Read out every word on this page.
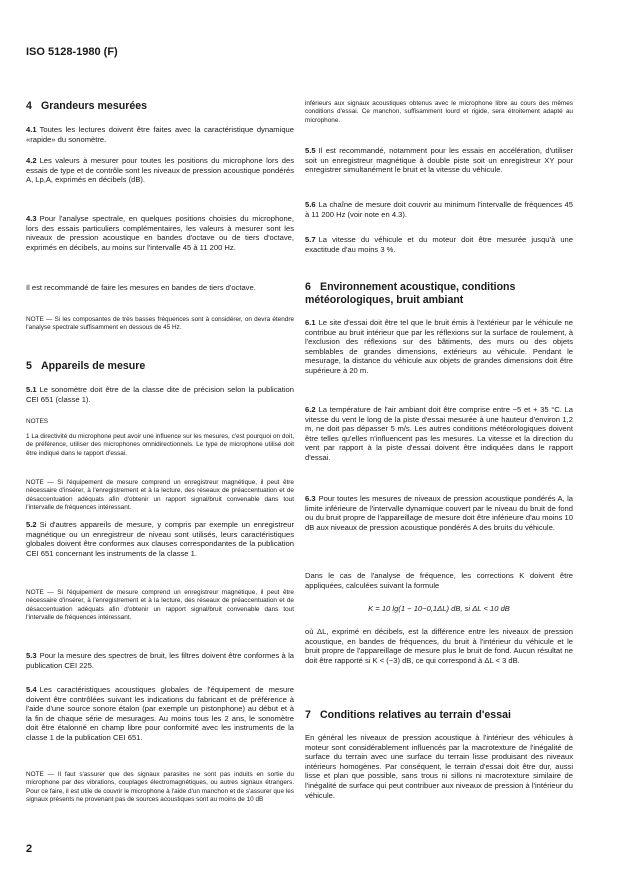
ISO 5128-1980 (F)
4 Grandeurs mesurées

4.1 Toutes les lectures doivent être faites avec la caractéristique dynamique «rapide» du sonomètre.

4.2 Les valeurs à mesurer pour toutes les positions du microphone lors des essais de type et de contrôle sont les niveaux de pression acoustique pondérés A, Lp,A, exprimés en décibels (dB).

4.3 Pour l'analyse spectrale, en quelques positions choisies du microphone, lors des essais particuliers complémentaires, les valeurs à mesurer sont les niveaux de pression acoustique en bandes d'octave ou de tiers d'octave, exprimés en décibels, au moins sur l'intervalle 45 à 11 200 Hz.

Il est recommandé de faire les mesures en bandes de tiers d'octave.

NOTE — Si les composantes de très basses fréquences sont à considérer, on devra étendre l'analyse spectrale suffisamment en dessous de 45 Hz.

5 Appareils de mesure

5.1 Le sonomètre doit être de la classe dite de précision selon la publication CEI 651 (classe 1).

NOTES

1 La directivité du microphone peut avoir une influence sur les mesures, c'est pourquoi on doit, de préférence, utiliser des microphones omnidirectionnels. Le type de microphone utilisé doit être indiqué dans le rapport d'essai.

NOTE — Si l'équipement de mesure comprend un enregistreur magnétique, il peut être nécessaire d'insérer, à l'enregistrement et à la lecture, des réseaux de préaccentuation et de désaccentuation adéquats afin d'obtenir un rapport signal/bruit convenable dans tout l'intervalle de fréquences intéressant.

5.2 Si d'autres appareils de mesure, y compris par exemple un enregistreur magnétique ou un enregistreur de niveau sont utilisés, leurs caractéristiques globales doivent être conformes aux clauses correspondantes de la publication CEI 651 concernant les instruments de la classe 1.

NOTE — Si l'équipement de mesure comprend un enregistreur magnétique, il peut être nécessaire d'insérer, à l'enregistrement et à la lecture, des réseaux de préaccentuation et de désaccentuation adéquats afin d'obtenir un rapport signal/bruit convenable dans tout l'intervalle de fréquences intéressant.

5.3 Pour la mesure des spectres de bruit, les filtres doivent être conformes à la publication CEI 225.

5.4 Les caractéristiques acoustiques globales de l'équipement de mesure doivent être contrôlées suivant les indications du fabricant et de préférence à l'aide d'une source sonore étalon (par exemple un pistonphone) au début et à la fin de chaque série de mesurages. Au moins tous les 2 ans, le sonomètre doit être étalonné en champ libre pour conformité avec les instruments de la classe 1 de la publication CEI 651.

NOTE — Il faut s'assurer que des signaux parasites ne sont pas induits en sortie du microphone par des vibrations, couplages électromagnétiques, ou autres signaux étrangers. Pour ce faire, il est utile de couvrir le microphone à l'aide d'un manchon et de s'assurer que les signaux présents ne provenant pas de sources acoustiques sont au moins de 10 dB

inférieurs aux signaux acoustiques obtenus avec le microphone libre au cours des mêmes conditions d'essai. Ce manchon, suffisamment lourd et rigide, sera étroitement adapté au microphone.

5.5 Il est recommandé, notamment pour les essais en accélération, d'utiliser soit un enregistreur magnétique à double piste soit un enregistreur XY pour enregistrer simultanément le bruit et la vitesse du véhicule.

5.6 La chaîne de mesure doit couvrir au minimum l'intervalle de fréquences 45 à 11 200 Hz (voir note en 4.3).

5.7 La vitesse du véhicule et du moteur doit être mesurée jusqu'à une exactitude d'au moins 3 %.

6 Environnement acoustique, conditions météorologiques, bruit ambiant

6.1 Le site d'essai doit être tel que le bruit émis à l'extérieur par le véhicule ne contribue au bruit intérieur que par les réflexions sur la surface de roulement, à l'exclusion des réflexions sur des bâtiments, des murs ou des objets semblables de grandes dimensions, extérieurs au véhicule. Pendant le mesurage, la distance du véhicule aux objets de grandes dimensions doit être supérieure à 20 m.

6.2 La température de l'air ambiant doit être comprise entre −5 et + 35 °C. La vitesse du vent le long de la piste d'essai mesurée à une hauteur d'environ 1,2 m, ne doit pas dépasser 5 m/s. Les autres conditions météorologiques doivent être telles qu'elles n'influencent pas les mesures. La vitesse et la direction du vent par rapport à la piste d'essai doivent être indiquées dans le rapport d'essai.

6.3 Pour toutes les mesures de niveaux de pression acoustique pondérés A, la limite inférieure de l'intervalle dynamique couvert par le niveau du bruit de fond ou du bruit propre de l'appareillage de mesure doit être inférieure d'au moins 10 dB aux niveaux de pression acoustique pondérés A des bruits du véhicule.

Dans le cas de l'analyse de fréquence, les corrections K doivent être appliquées, calculées suivant la formule

K = 10 lg(1 − 10−0,1ΔL) dB, si ΔL < 10 dB

où ΔL, exprimé en décibels, est la différence entre les niveaux de pression acoustique, en bandes de fréquences, du bruit à l'intérieur du véhicule et le bruit propre de l'appareillage de mesure plus le bruit de fond. Aucun résultat ne doit être rapporté si K < (−3) dB, ce qui correspond à ΔL < 3 dB.

7 Conditions relatives au terrain d'essai

En général les niveaux de pression acoustique à l'intérieur des véhicules à moteur sont considérablement influencés par la macrotexture de l'inégalité de surface du terrain avec une surface du terrain lisse produisant des niveaux intérieurs homogènes. Par conséquent, le terrain d'essai doit être dur, aussi lisse et plan que possible, sans trous ni sillons ni macrotexture similaire de l'inégalité de surface qui peut contribuer aux niveaux de pression à l'intérieur du véhicule.

2
